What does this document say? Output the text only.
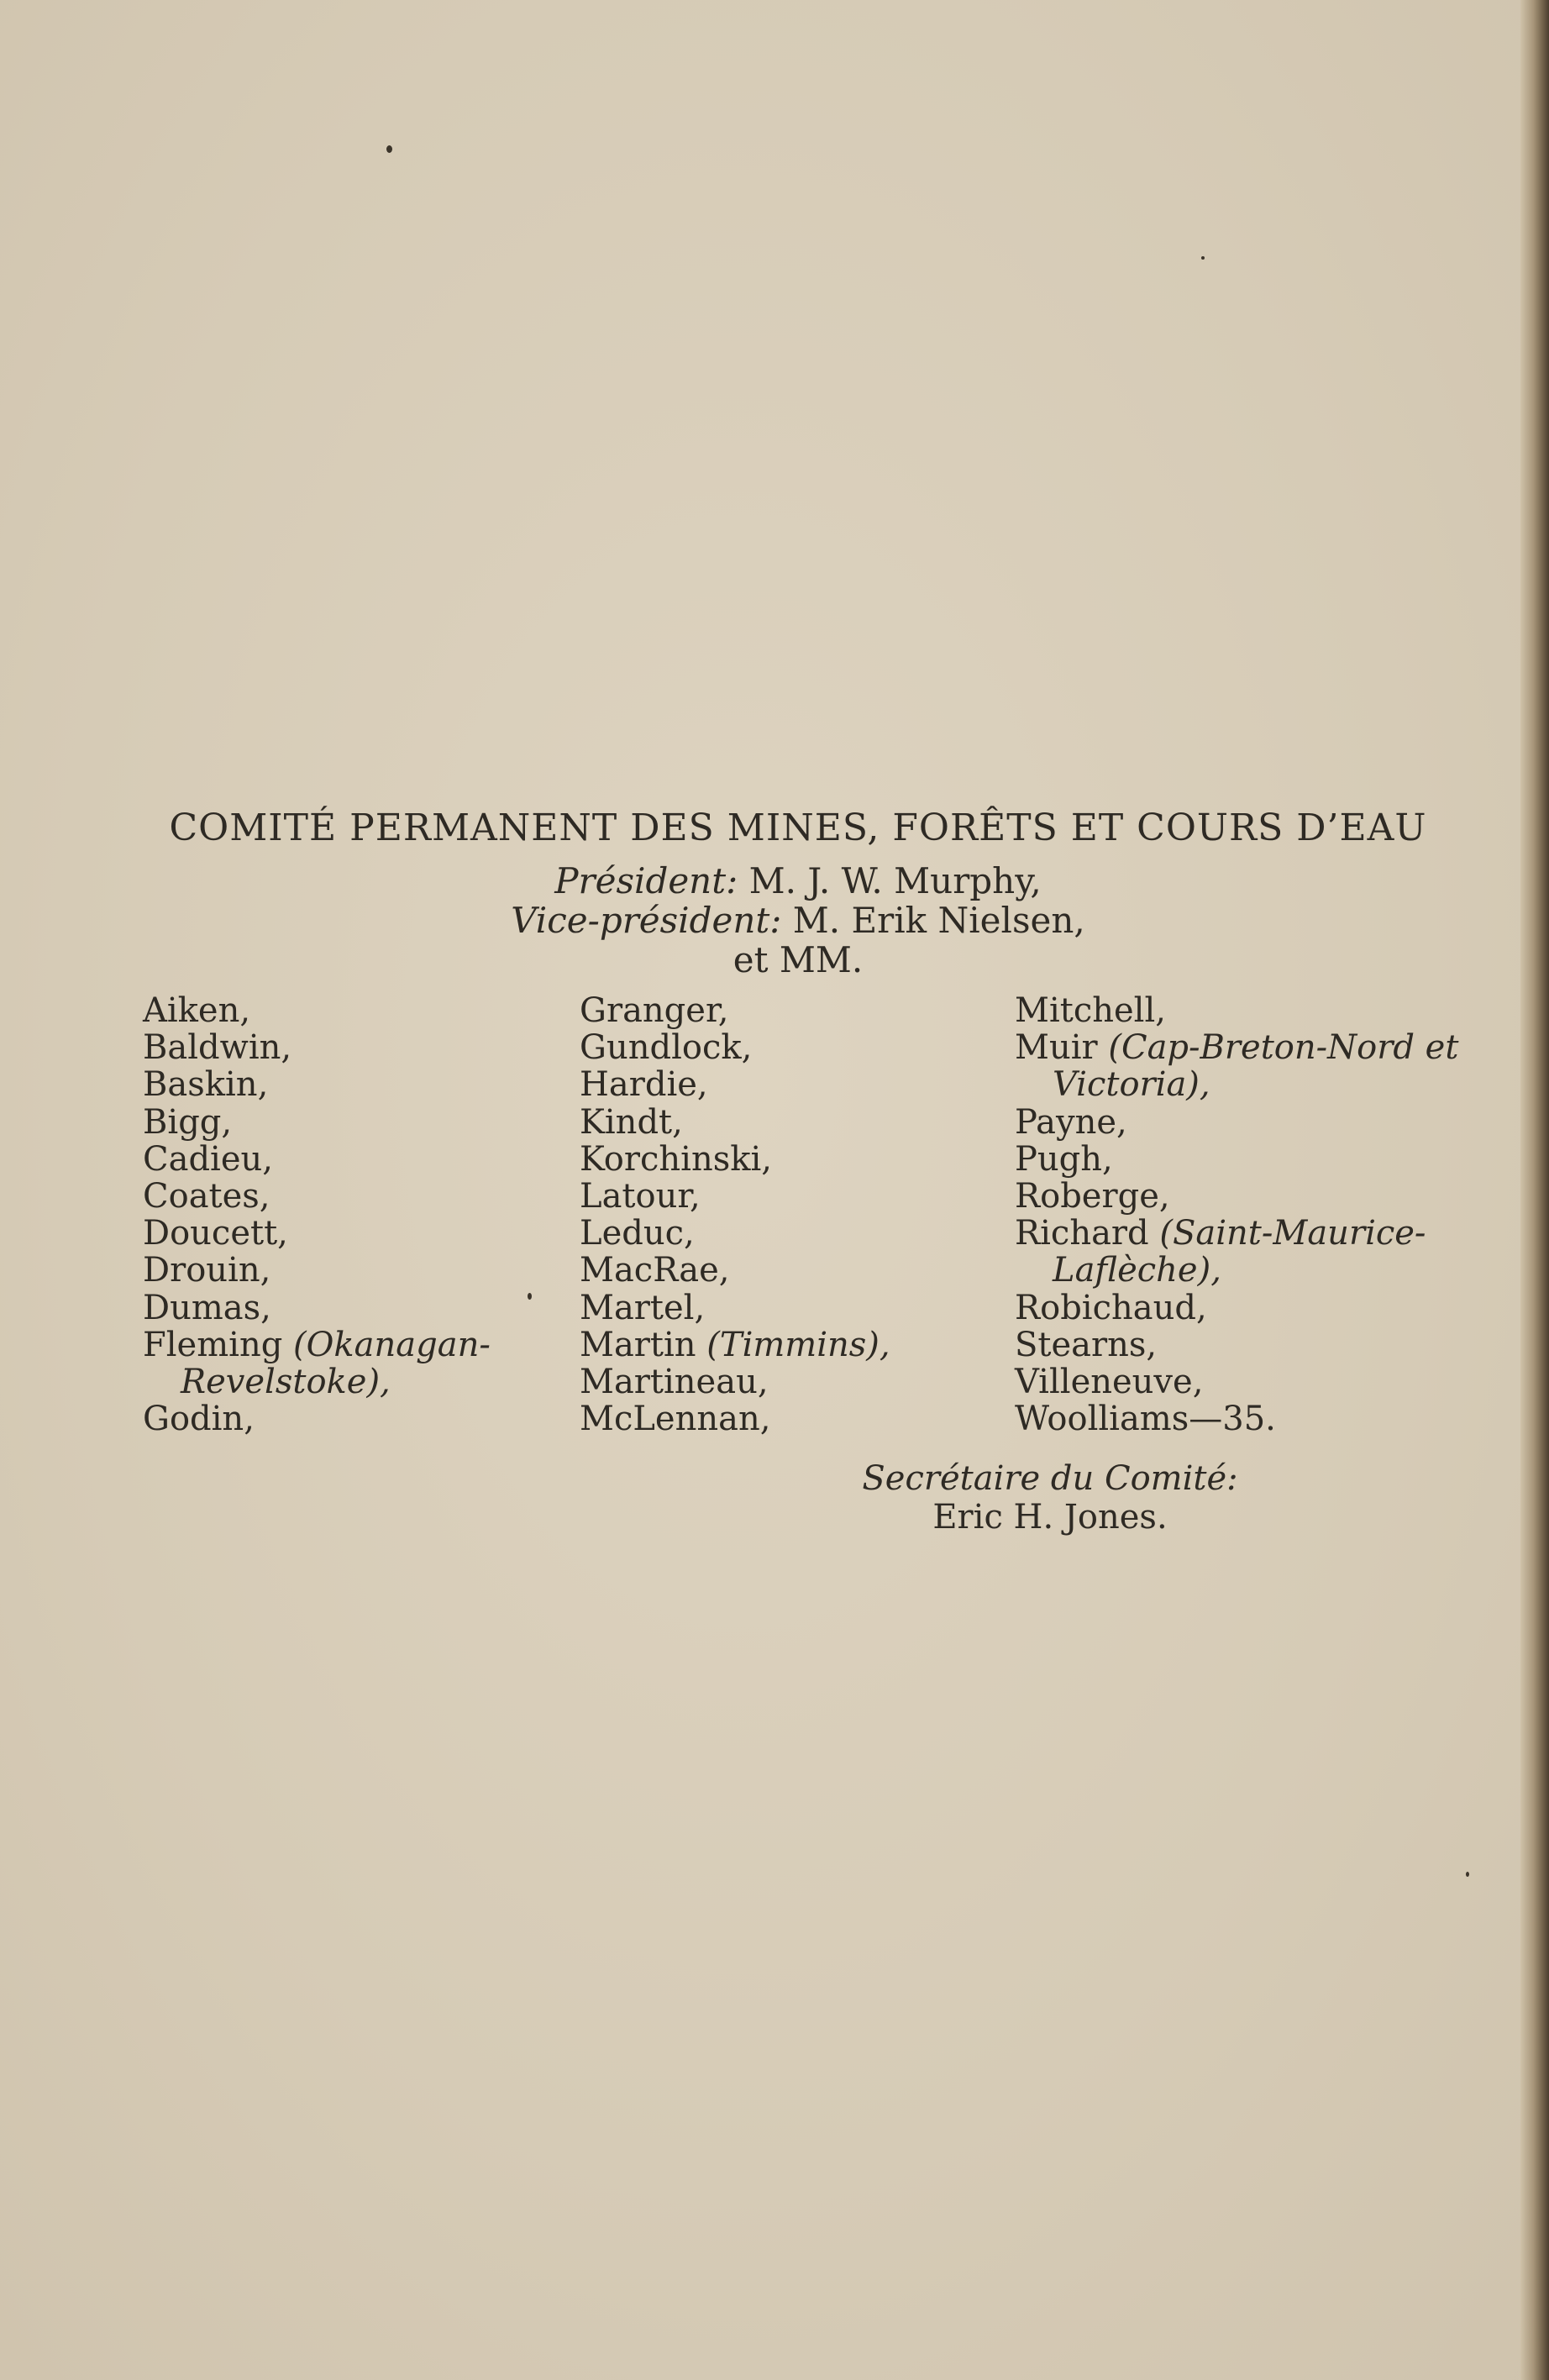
COMITÉ PERMANENT DES MINES, FORÊTS ET COURS D’EAU
Président: M. J. W. Murphy,
Vice-président: M. Erik Nielsen,
et MM.
Aiken,
Baldwin,
Baskin,
Bigg,
Cadieu,
Coates,
Doucett,
Drouin,
Dumas,
Fleming (Okanagan-
Revelstoke),
Godin,
Granger,
Gundlock,
Hardie,
Kindt,
Korchinski,
Latour,
Leduc,
MacRae,
Martel,
Martin (Timmins),
Martineau,
McLennan,
Mitchell,
Muir (Cap-Breton-Nord et
Victoria),
Payne,
Pugh,
Roberge,
Richard (Saint-Maurice-
Laflèche),
Robichaud,
Stearns,
Villeneuve,
Woolliams—35.
Secrétaire du Comité:
Eric H. Jones.
